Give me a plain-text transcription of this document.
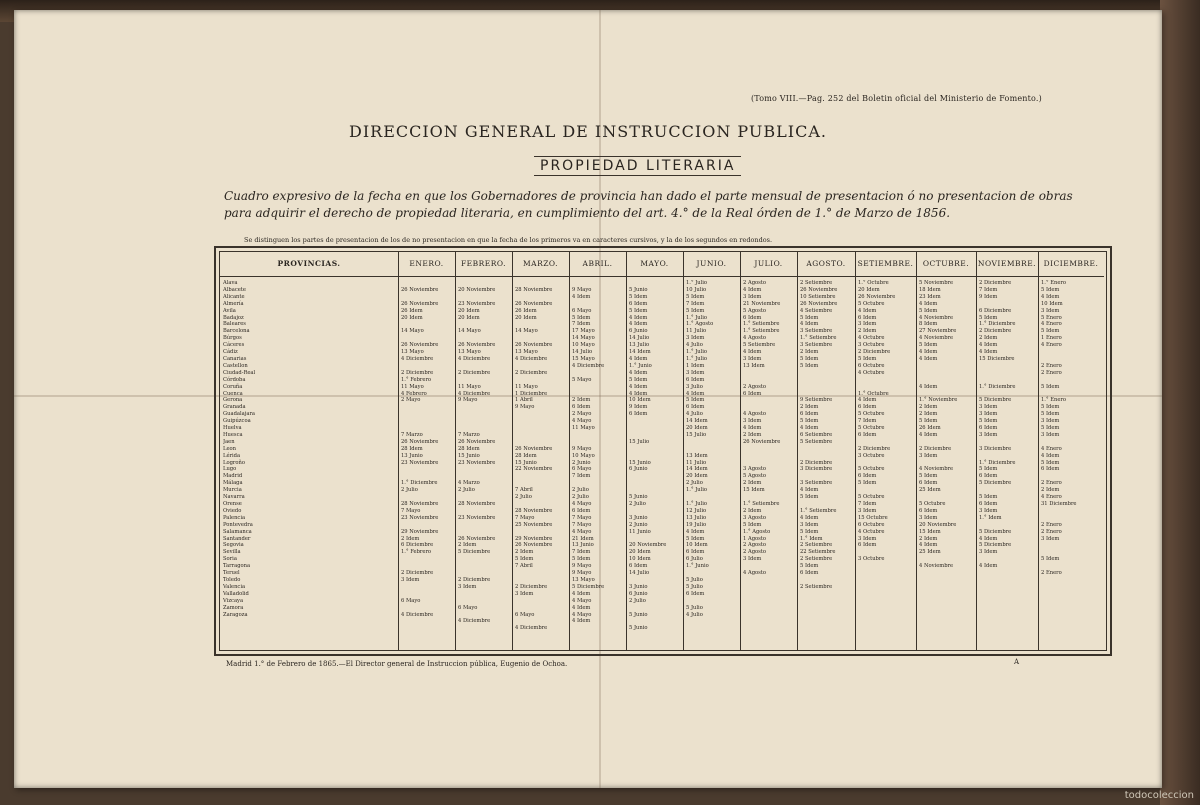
(Tomo VIII.—Pag. 252 del Boletin oficial del Ministerio de Fomento.)
DIRECCION GENERAL DE INSTRUCCION PUBLICA.
PROPIEDAD LITERARIA
Cuadro expresivo de la fecha en que los Gobernadores de provincia han dado el parte mensual de presentacion ó no presentacion de obras para adquirir el derecho de propiedad literaria, en cumplimiento del art. 4.° de la Real órden de 1.° de Marzo de 1856.
Se distinguen los partes de presentacion de los de no presentacion en que la fecha de los primeros va en caracteres cursivos, y la de los segundos en redondos.
PROVINCIAS.
Alava
Albacete
Alicante
Almería
Avila
Badajoz
Baleares
Barcelona
Búrgos
Cáceres
Cádiz
Canarias
Castellon
Ciudad-Real
Córdoba
Coruña
Cuenca
Gerona
Granada
Guadalajara
Guipúzcoa
Huelva
Huesca
Jaen
Leon
Lérida
Logroño
Lugo
Madrid
Málaga
Murcia
Navarra
Orense
Oviedo
Palencia
Pontevedra
Salamanca
Santander
Segovia
Sevilla
Soria
Tarragona
Teruel
Toledo
Valencia
Valladolid
Vizcaya
Zamora
Zaragoza
ENERO.

26 Noviembre

26 Noviembre
26 Idem
20 Idem

14 Mayo

26 Noviembre
13 Mayo
4 Diciembre

2 Diciembre
1.° Febrero
11 Mayo
4 Febrero
2 Mayo

7 Marzo
26 Noviembre
28 Idem
13 Junio
23 Noviembre

1.° Diciembre
2 Julio

28 Noviembre
7 Mayo
23 Noviembre

29 Noviembre
2 Idem
6 Diciembre
1.° Febrero

2 Diciembre
3 Idem

6 Mayo

4 Diciembre
FEBRERO.

20 Noviembre

23 Noviembre
20 Idem
20 Idem

14 Mayo

26 Noviembre
13 Mayo
4 Diciembre

2 Diciembre

11 Mayo
4 Diciembre
9 Mayo

7 Marzo
26 Noviembre
28 Idem
15 Junio
23 Noviembre

4 Marzo
2 Julio

28 Noviembre

23 Noviembre

26 Noviembre
2 Idem
5 Diciembre

2 Diciembre
3 Idem

6 Mayo

4 Diciembre
MARZO.

28 Noviembre

26 Noviembre
26 Idem
20 Idem

14 Mayo

26 Noviembre
13 Mayo
4 Diciembre

2 Diciembre

11 Mayo
1 Diciembre
1 Abril
9 Mayo

26 Noviembre
28 Idem
15 Junio
22 Noviembre

7 Abril
2 Julio

28 Noviembre
7 Mayo
25 Noviembre

29 Noviembre
26 Noviembre
2 Idem
5 Idem
7 Abril

2 Diciembre
3 Idem

6 Mayo

4 Diciembre
ABRIL.

9 Mayo
4 Idem

6 Mayo
5 Idem
7 Idem
17 Mayo
14 Mayo
10 Mayo
14 Julio
15 Mayo
4 Diciembre

5 Mayo

2 Idem
6 Idem
2 Mayo
4 Mayo
11 Mayo

9 Mayo
10 Mayo
2 Junio
6 Mayo
7 Idem

2 Julio
2 Julio
4 Mayo
6 Idem
7 Mayo
7 Mayo
4 Mayo
21 Idem
13 Junio
7 Idem
5 Idem
9 Mayo
9 Mayo
13 Mayo
5 Diciembre
4 Idem
4 Mayo
4 Idem
4 Mayo
4 Idem
MAYO.

5 Junio
5 Idem
6 Idem
5 Idem
4 Idem
4 Idem
6 Junio
14 Julio
13 Julio
14 Idem
4 Idem
1.° Junio
4 Idem
5 Idem
4 Idem
4 Idem
10 Idem
9 Idem
6 Idem

15 Julio

15 Junio
6 Junio

5 Junio
2 Julio

3 Junio
2 Junio
11 Junio

20 Noviembre
20 Idem
10 Idem
6 Idem
14 Julio

3 Junio
6 Junio
2 Julio

5 Junio

5 Junio
JUNIO.
1.° Julio
10 Julio
5 Idem
7 Idem
5 Idem
1.° Julio
1.° Agosto
11 Julio
3 Idem
4 Julio
1.° Julio
1.° Julio
1 Idem
3 Idem
6 Idem
3 Julio
4 Idem
5 Idem
6 Idem
4 Julio
14 Idem
20 Idem
15 Julio

13 Idem
11 Julio
14 Idem
20 Idem
2 Julio
1.° Julio

1.° Julio
12 Julio
13 Julio
19 Julio
4 Idem
5 Idem
10 Idem
6 Idem
6 Julio
1.° Junio

5 Julio
5 Julio
6 Idem

5 Julio
4 Julio
JULIO.
2 Agosto
4 Idem
3 Idem
21 Noviembre
5 Agosto
6 Idem
1.° Setiembre
1.° Setiembre
4 Agosto
5 Setiembre
4 Idem
3 Idem
13 Idem

2 Agosto
6 Idem

4 Agosto
3 Idem
4 Idem
2 Idem
26 Noviembre

3 Agosto
5 Agosto
2 Idem
15 Idem

1.° Setiembre
2 Idem
3 Agosto
5 Idem
1.° Agosto
1 Agosto
2 Agosto
2 Agosto
3 Idem

4 Agosto
AGOSTO.
2 Setiembre
26 Noviembre
10 Setiembre
26 Noviembre
4 Setiembre
5 Idem
4 Idem
3 Setiembre
1.° Setiembre
3 Setiembre
2 Idem
5 Idem
5 Idem

9 Setiembre
2 Idem
6 Idem
5 Idem
4 Idem
6 Setiembre
5 Setiembre

2 Diciembre
3 Diciembre

3 Setiembre
4 Idem
5 Idem

1.° Setiembre
4 Idem
3 Idem
5 Idem
1.° Idem
2 Setiembre
22 Setiembre
2 Setiembre
5 Idem
6 Idem

2 Setiembre
SETIEMBRE.
1.° Octubre
20 Idem
26 Noviembre
5 Octubre
4 Idem
6 Idem
3 Idem
2 Idem
4 Octubre
3 Octubre
2 Diciembre
5 Idem
6 Octubre
4 Octubre

1.° Octubre
4 Idem
6 Idem
5 Octubre
7 Idem
5 Octubre
6 Idem

2 Diciembre
3 Octubre

5 Octubre
6 Idem
5 Idem

5 Octubre
7 Idem
3 Idem
15 Octubre
6 Octubre
4 Octubre
3 Idem
6 Idem

3 Octubre
OCTUBRE.
5 Noviembre
18 Idem
23 Idem
4 Idem
5 Idem
4 Noviembre
8 Idem
27 Noviembre
4 Noviembre
5 Idem
4 Idem
4 Idem

4 Idem

1.° Noviembre
2 Idem
2 Idem
5 Idem
26 Idem
4 Idem

2 Diciembre
3 Idem

4 Noviembre
5 Idem
6 Idem
25 Idem

5 Octubre
6 Idem
3 Idem
20 Noviembre
15 Idem
2 Idem
4 Idem
25 Idem

4 Noviembre
NOVIEMBRE.
2 Diciembre
7 Idem
9 Idem

6 Diciembre
5 Idem
1.° Diciembre
2 Diciembre
2 Idem
4 Idem
4 Idem
15 Diciembre

1.° Diciembre

5 Diciembre
3 Idem
3 Idem
5 Idem
6 Idem
3 Idem

3 Diciembre

1.° Diciembre
5 Idem
6 Idem
5 Diciembre

5 Idem
6 Idem
3 Idem
1.° Idem

5 Diciembre
4 Idem
5 Diciembre
3 Idem

4 Idem
DICIEMBRE.
1.° Enero
5 Idem
4 Idem
10 Idem
3 Idem
5 Enero
4 Enero
5 Idem
1 Enero
4 Enero

2 Enero
2 Enero

5 Idem

1.° Enero
5 Idem
5 Idem
3 Idem
5 Idem
3 Idem

4 Enero
4 Idem
5 Idem
6 Idem

2 Enero
2 Idem
4 Enero
31 Diciembre

2 Enero
2 Enero
3 Idem

5 Idem

2 Enero
Madrid 1.° de Febrero de 1865.—El Director general de Instruccion pública, Eugenio de Ochoa.	A
todocoleccion
